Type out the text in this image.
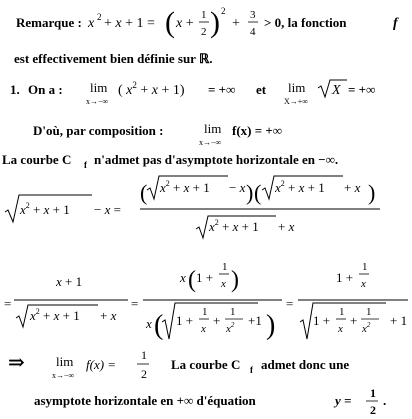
Remarque : x 2 + x + 1 = ( x +
1
2 ) 2
+
3
4
> 0, la fonction	f
est effectivement bien définie sur ℝ.
1. On a : lim
x→−∞
( $x^2 + x + 1$) = +∞ et lim
X→+∞
X = +∞
D'où, par composition :	lim
x→−∞
f(x) = +∞
La courbe C f n'admet pas d'asymptote horizontale en −∞.
$x^2 + x + 1 - x$ =
( $x^2 + x + 1 - x$ ) ( $x^2 + x + 1 + x$ )
$x^2 + x + 1 + x$
=
x + 1
$x^2 + x + 1 + x$
=
x ( 1 +
1
x )
x ( 1 +
1
x
+
1
$x^2 +1$ )
=
1 +
1
x
1 +
1
x
+
1
$x^2 + 1$
⇒ lim
x→−∞
f(x) =
1
2
La courbe C f admet donc une
asymptote horizontale en +∞ d'équation	y = 1
2
.
